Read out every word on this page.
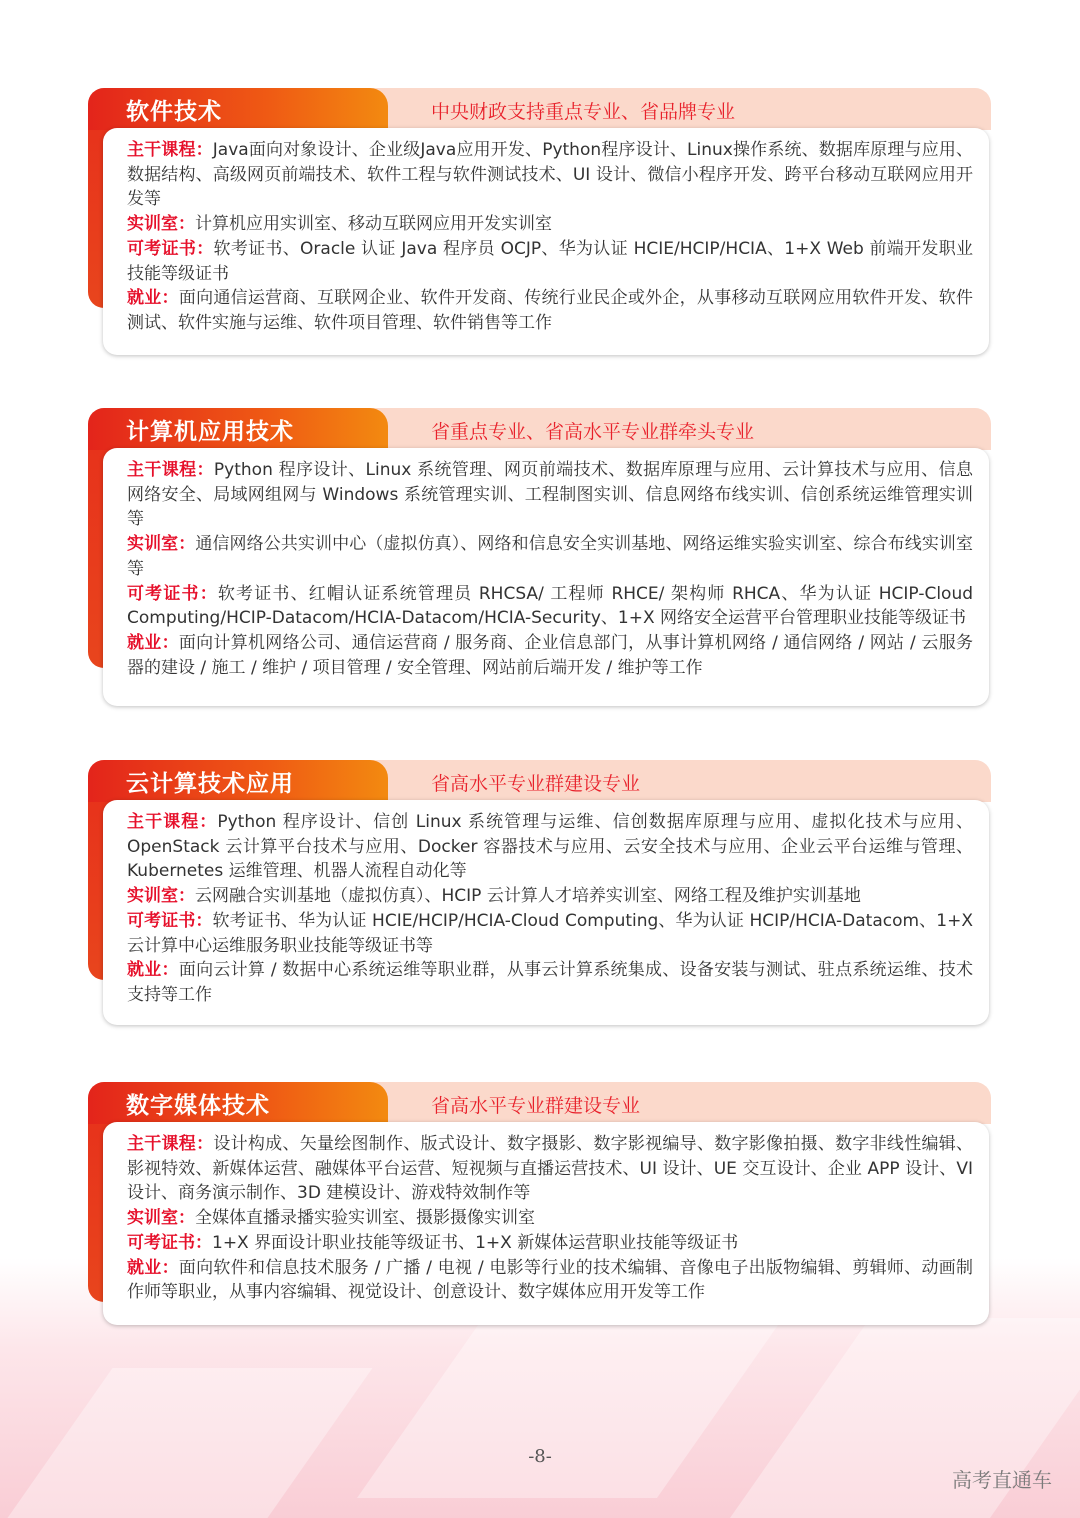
软件技术	中央财政支持重点专业、省品牌专业

主干课程：Java面向对象设计、企业级Java应用开发、Python程序设计、Linux操作系统、数据库原理与应用、数据结构、高级网页前端技术、软件工程与软件测试技术、UI 设计、微信小程序开发、跨平台移动互联网应用开发等

实训室：计算机应用实训室、移动互联网应用开发实训室

可考证书：软考证书、Oracle 认证 Java 程序员 OCJP、华为认证 HCIE/HCIP/HCIA、1+X Web 前端开发职业技能等级证书

就业：面向通信运营商、互联网企业、软件开发商、传统行业民企或外企，从事移动互联网应用软件开发、软件测试、软件实施与运维、软件项目管理、软件销售等工作

计算机应用技术	省重点专业、省高水平专业群牵头专业

主干课程：Python 程序设计、Linux 系统管理、网页前端技术、数据库原理与应用、云计算技术与应用、信息网络安全、局域网组网与 Windows 系统管理实训、工程制图实训、信息网络布线实训、信创系统运维管理实训等

实训室：通信网络公共实训中心（虚拟仿真）、网络和信息安全实训基地、网络运维实验实训室、综合布线实训室等

可考证书：软考证书、红帽认证系统管理员 RHCSA/ 工程师 RHCE/ 架构师 RHCA、华为认证 HCIP-Cloud Computing/HCIP-Datacom/HCIA-Datacom/HCIA-Security、1+X 网络安全运营平台管理职业技能等级证书

就业：面向计算机网络公司、通信运营商 / 服务商、企业信息部门，从事计算机网络 / 通信网络 / 网站 / 云服务器的建设 / 施工 / 维护 / 项目管理 / 安全管理、网站前后端开发 / 维护等工作

云计算技术应用	省高水平专业群建设专业

主干课程：Python 程序设计、信创 Linux 系统管理与运维、信创数据库原理与应用、虚拟化技术与应用、OpenStack 云计算平台技术与应用、Docker 容器技术与应用、云安全技术与应用、企业云平台运维与管理、Kubernetes 运维管理、机器人流程自动化等

实训室：云网融合实训基地（虚拟仿真）、HCIP 云计算人才培养实训室、网络工程及维护实训基地

可考证书：软考证书、华为认证 HCIE/HCIP/HCIA-Cloud Computing、华为认证 HCIP/HCIA-Datacom、1+X 云计算中心运维服务职业技能等级证书等

就业：面向云计算 / 数据中心系统运维等职业群，从事云计算系统集成、设备安装与测试、驻点系统运维、技术支持等工作

数字媒体技术	省高水平专业群建设专业

主干课程：设计构成、矢量绘图制作、版式设计、数字摄影、数字影视编导、数字影像拍摄、数字非线性编辑、影视特效、新媒体运营、融媒体平台运营、短视频与直播运营技术、UI 设计、UE 交互设计、企业 APP 设计、VI 设计、商务演示制作、3D 建模设计、游戏特效制作等

实训室：全媒体直播录播实验实训室、摄影摄像实训室

可考证书：1+X 界面设计职业技能等级证书、1+X 新媒体运营职业技能等级证书

就业：面向软件和信息技术服务 / 广播 / 电视 / 电影等行业的技术编辑、音像电子出版物编辑、剪辑师、动画制作师等职业，从事内容编辑、视觉设计、创意设计、数字媒体应用开发等工作

-8-
高考直通车
